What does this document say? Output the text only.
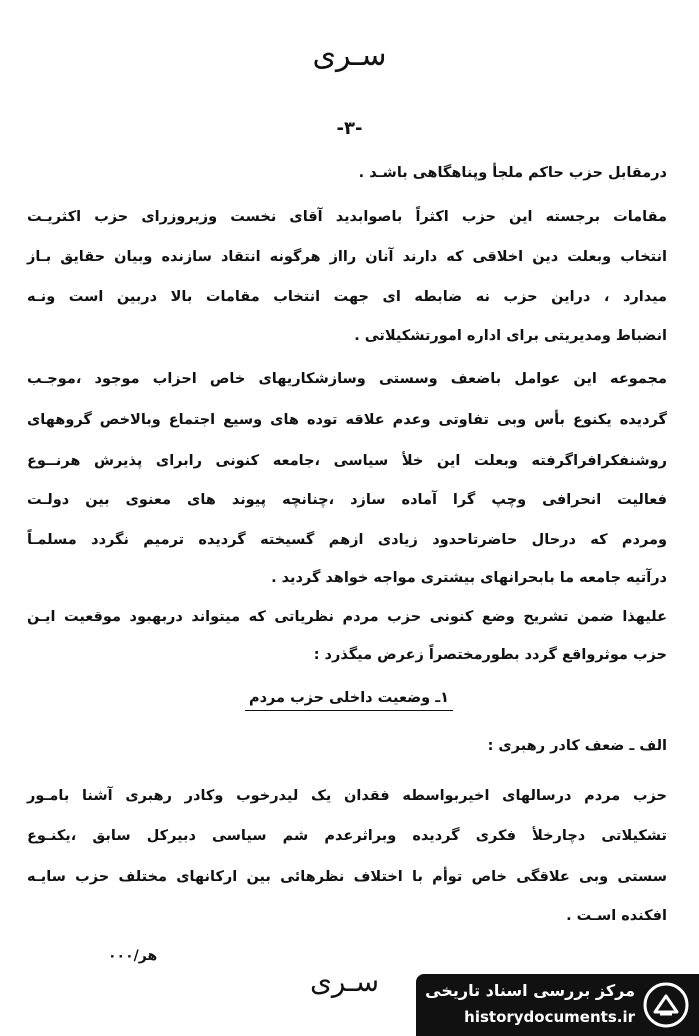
سـری
-۳-
درمقابل حزب حاکم ملجأ وپناهگاهی باشـد .
مقامات برجسته این حزب اکثراً باصوابدید آقای نخست وزیروزرای حزب اکثریـت
انتخاب وبعلت دین اخلاقی که دارند آنان رااز هرگونه انتقاد سازنده وبیان حقایق بـاز
میدارد ، دراین حزب نه ضابطه ای جهت انتخاب مقامات بالا دربین است ونـه
انضباط ومدیریتی برای اداره امورتشکیلاتی .
مجموعه این عوامل باضعف وسستی وسازشکاریهای خاص احزاب موجود ،موجـب
گردیده یکنوع بأس وبی تفاوتی وعدم علاقه توده های وسیع اجتماع وبالاخص گروههای
روشنفکرافراگرفته وبعلت این خلأ سیاسی ،جامعه کنونی رابرای پذیرش هرنــوع
فعالیت انحرافی وچپ گرا آماده سازد ،چنانچه پیوند های معنوی بین دولـت
ومردم که درحال حاضرتاحدود زیادی ازهم گسیخته گردیده ترمیم نگردد مسلمـاً
درآتیه جامعه ما بابحرانهای بیشتری مواجه خواهد گردید .
علیهذا ضمن تشریح وضع کنونی حزب مردم نظریاتی که میتواند دربهبود موقعیت ایـن
حزب موثرواقع گردد بطورمختصراً زعرض میگذرد :
۱ـ وضعیت داخلی حزب مردم
الف ـ ضعف کادر رهبری :
حزب مردم درسالهای اخیربواسطه فقدان یک لیدرخوب وکادر رهبری آشنا بامـور
تشکیلاتی دچارخلأ فکری گردیده وبراثرعدم شم سیاسی دبیرکل سابق ،یکنـوع
سستی وبی علاقگی خاص توأم با اختلاف نظرهائی بین ارکانهای مختلف حزب سایـه
افکنده اسـت .
هر/۰۰۰
سـری	مرکز بررسی اسناد تاریخی
historydocuments.ir
